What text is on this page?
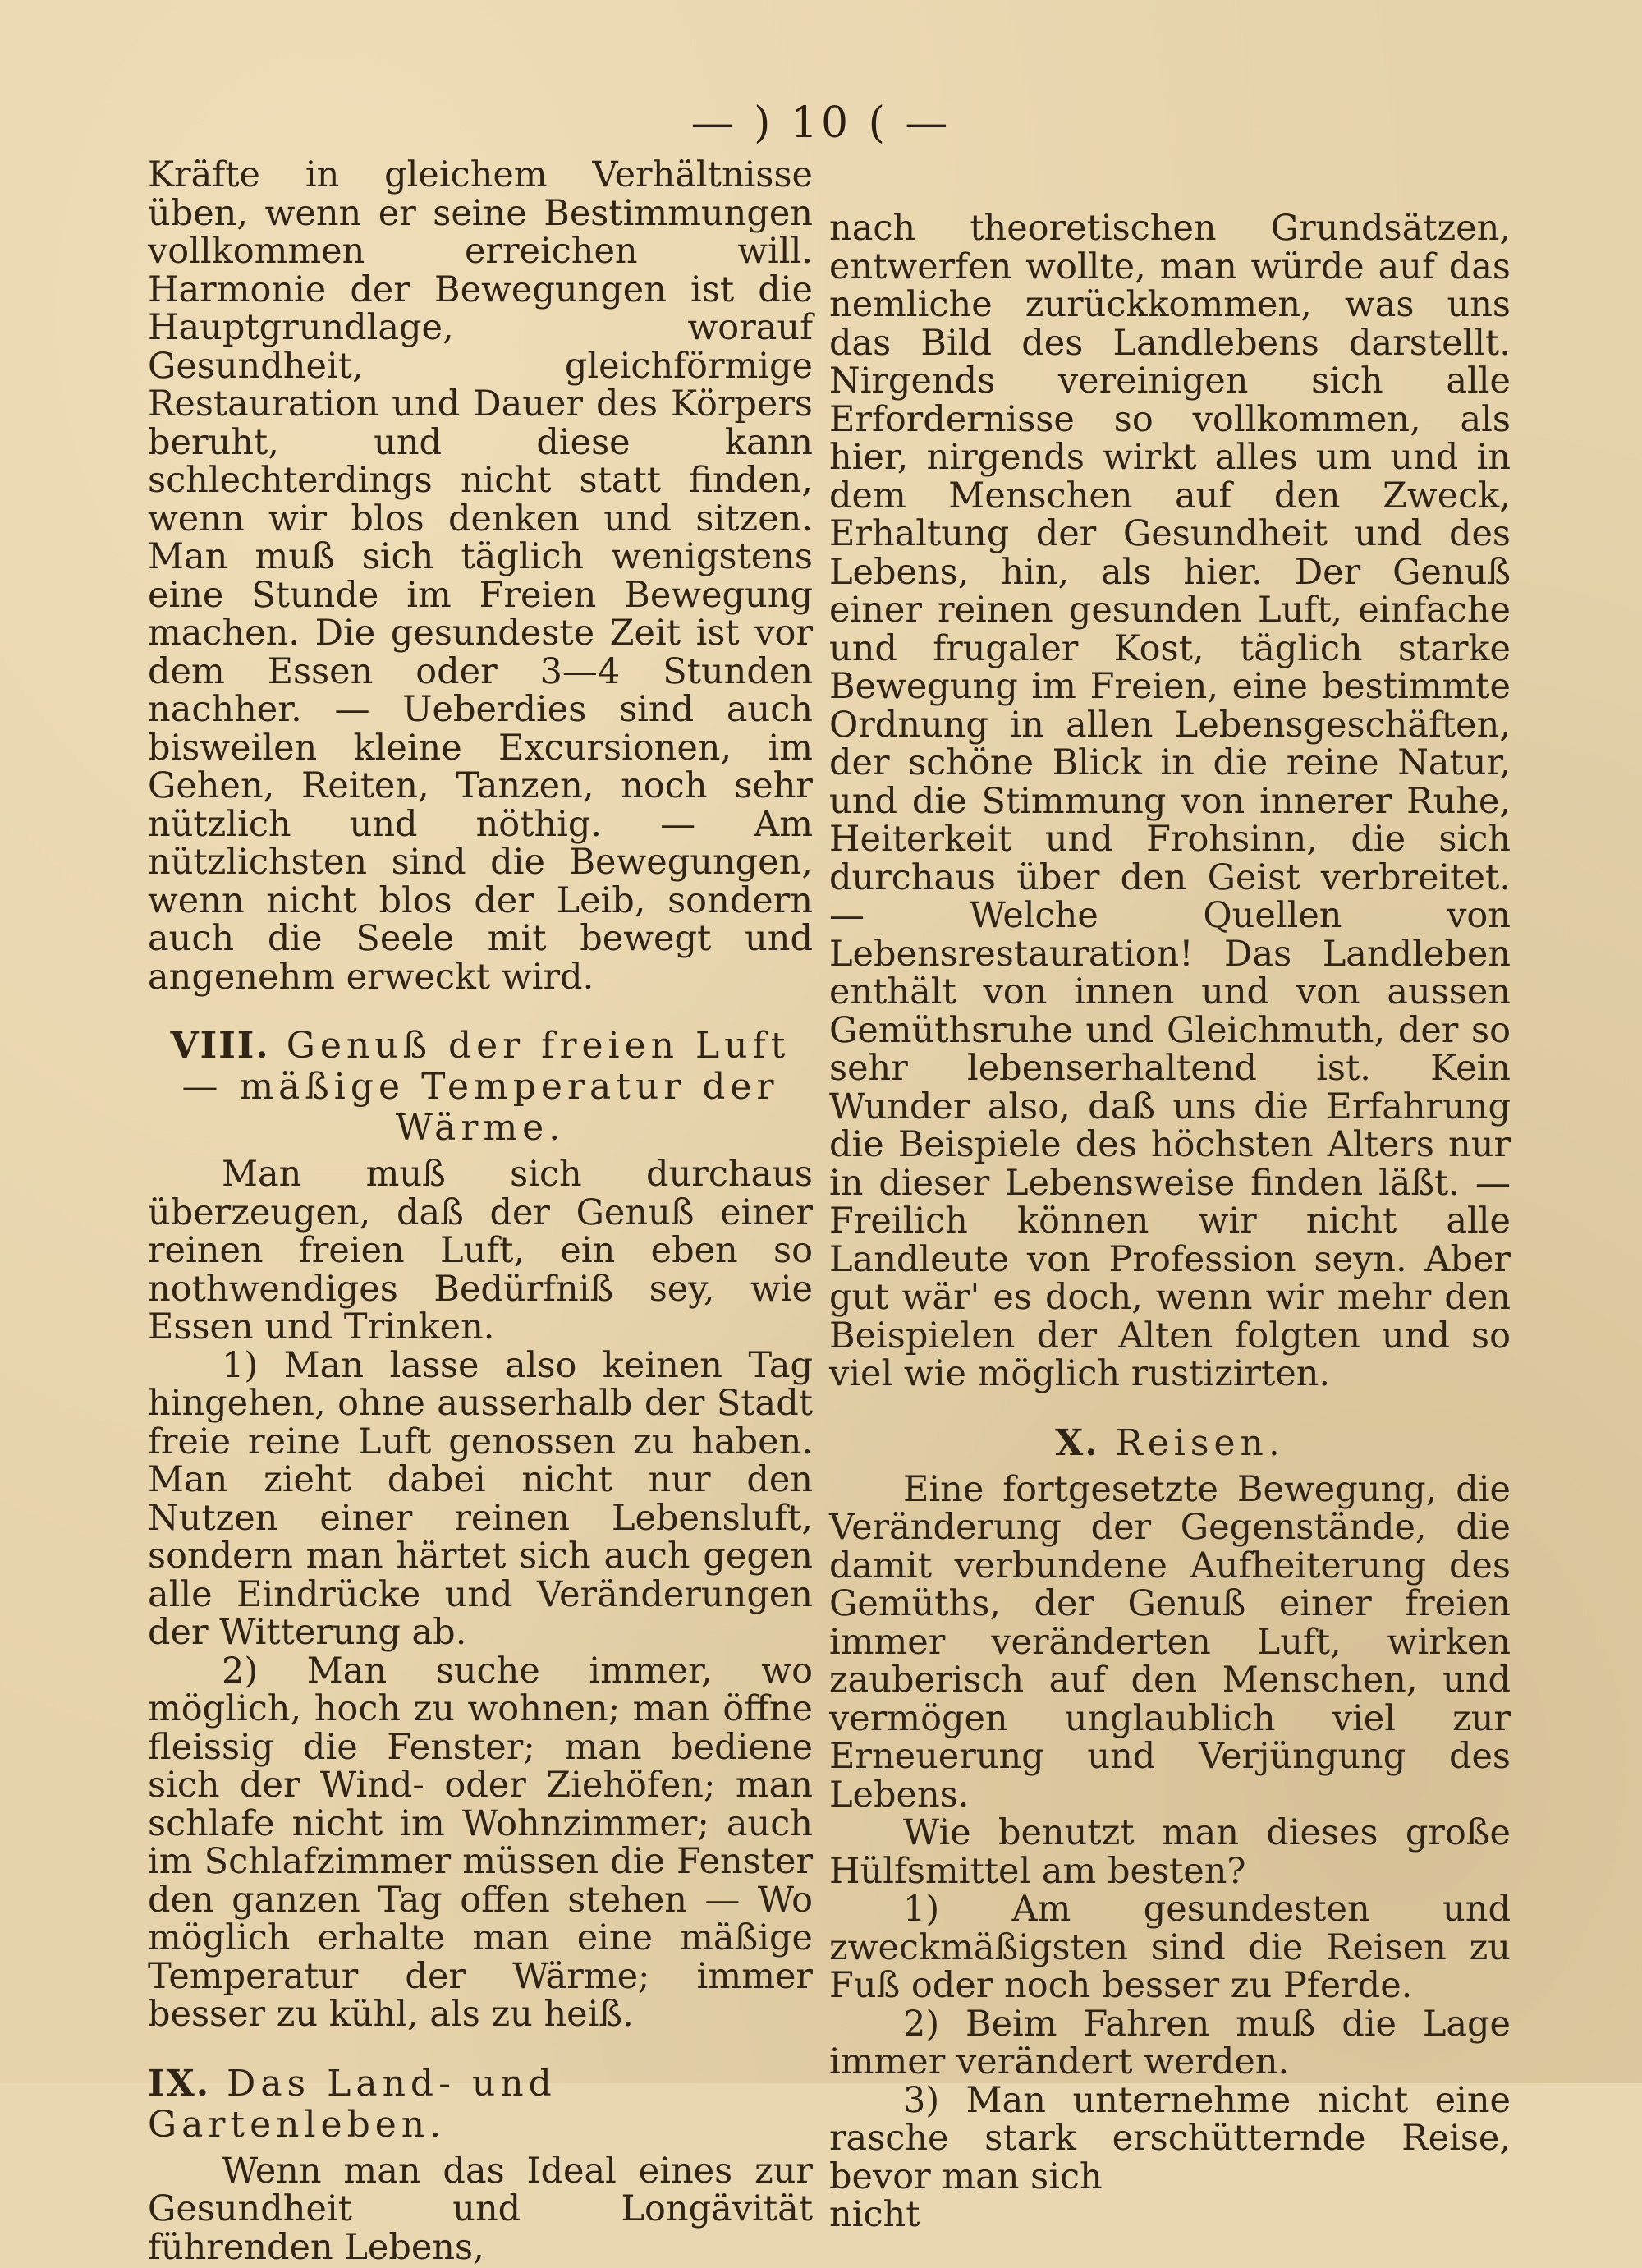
— ) 10 ( —

Kräfte in gleichem Verhältnisse üben, wenn er seine Bestimmungen vollkommen erreichen will. Harmonie der Bewegungen ist die Hauptgrundlage, worauf Gesundheit, gleichförmige Restauration und Dauer des Körpers beruht, und diese kann schlechterdings nicht statt finden, wenn wir blos denken und sitzen. Man muß sich täglich wenigstens eine Stunde im Freien Bewegung machen. Die gesundeste Zeit ist vor dem Essen oder 3—4 Stunden nachher. — Ueberdies sind auch bisweilen kleine Excursionen, im Gehen, Reiten, Tanzen, noch sehr nützlich und nöthig. — Am nützlichsten sind die Bewegungen, wenn nicht blos der Leib, sondern auch die Seele mit bewegt und angenehm erweckt wird.

VIII. Genuß der freien Luft — mäßige Temperatur der Wärme.

Man muß sich durchaus überzeugen, daß der Genuß einer reinen freien Luft, ein eben so nothwendiges Bedürfniß sey, wie Essen und Trinken.

1) Man lasse also keinen Tag hingehen, ohne ausserhalb der Stadt freie reine Luft genossen zu haben. Man zieht dabei nicht nur den Nutzen einer reinen Lebensluft, sondern man härtet sich auch gegen alle Eindrücke und Veränderungen der Witterung ab.

2) Man suche immer, wo möglich, hoch zu wohnen; man öffne fleissig die Fenster; man bediene sich der Wind- oder Ziehöfen; man schlafe nicht im Wohnzimmer; auch im Schlafzimmer müssen die Fenster den ganzen Tag offen stehen — Wo möglich erhalte man eine mäßige Temperatur der Wärme; immer besser zu kühl, als zu heiß.

IX. Das Land- und Gartenleben.

Wenn man das Ideal eines zur Gesundheit und Longävität führenden Lebens,

nach theoretischen Grundsätzen, entwerfen wollte, man würde auf das nemliche zurückkommen, was uns das Bild des Landlebens darstellt. Nirgends vereinigen sich alle Erfordernisse so vollkommen, als hier, nirgends wirkt alles um und in dem Menschen auf den Zweck, Erhaltung der Gesundheit und des Lebens, hin, als hier. Der Genuß einer reinen gesunden Luft, einfache und frugaler Kost, täglich starke Bewegung im Freien, eine bestimmte Ordnung in allen Lebensgeschäften, der schöne Blick in die reine Natur, und die Stimmung von innerer Ruhe, Heiterkeit und Frohsinn, die sich durchaus über den Geist verbreitet. — Welche Quellen von Lebensrestauration! Das Landleben enthält von innen und von aussen Gemüthsruhe und Gleichmuth, der so sehr lebenserhaltend ist. Kein Wunder also, daß uns die Erfahrung die Beispiele des höchsten Alters nur in dieser Lebensweise finden läßt. — Freilich können wir nicht alle Landleute von Profession seyn. Aber gut wär' es doch, wenn wir mehr den Beispielen der Alten folgten und so viel wie möglich rustizirten.

X. Reisen.

Eine fortgesetzte Bewegung, die Veränderung der Gegenstände, die damit verbundene Aufheiterung des Gemüths, der Genuß einer freien immer veränderten Luft, wirken zauberisch auf den Menschen, und vermögen unglaublich viel zur Erneuerung und Verjüngung des Lebens.

Wie benutzt man dieses große Hülfsmittel am besten?

1) Am gesundesten und zweckmäßigsten sind die Reisen zu Fuß oder noch besser zu Pferde.

2) Beim Fahren muß die Lage immer verändert werden.

3) Man unternehme nicht eine rasche stark erschütternde Reise, bevor man sich

nicht
